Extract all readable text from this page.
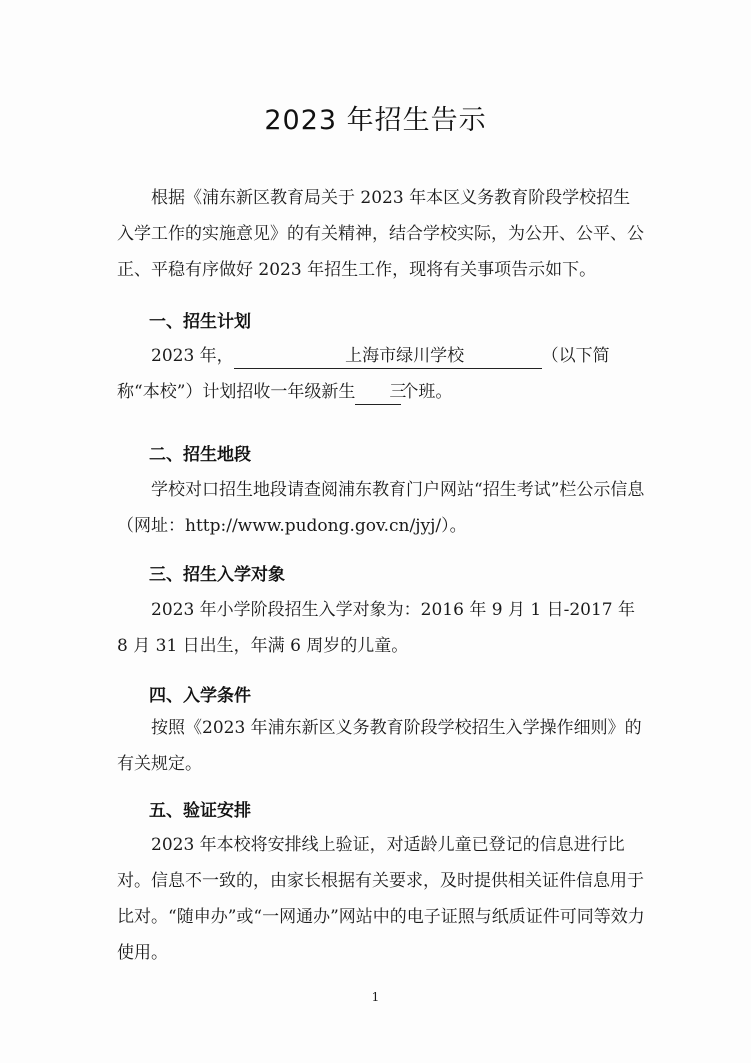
2023 年招生告示

根据《浦东新区教育局关于 2023 年本区义务教育阶段学校招生入学工作的实施意见》的有关精神，结合学校实际，为公开、公平、公正、平稳有序做好 2023 年招生工作，现将有关事项告示如下。

一、招生计划

2023 年，	上海市绿川学校	（以下简称“本校”）计划招收一年级新生 三个班。

二、招生地段

学校对口招生地段请查阅浦东教育门户网站“招生考试”栏公示信息（网址：http://www.pudong.gov.cn/jyj/）。

三、招生入学对象

2023 年小学阶段招生入学对象为：2016 年 9 月 1 日-2017 年 8 月 31 日出生，年满 6 周岁的儿童。

四、入学条件

按照《2023 年浦东新区义务教育阶段学校招生入学操作细则》的有关规定。

五、验证安排

2023 年本校将安排线上验证，对适龄儿童已登记的信息进行比对。信息不一致的，由家长根据有关要求，及时提供相关证件信息用于比对。“随申办”或“一网通办”网站中的电子证照与纸质证件可同等效力使用。

1
